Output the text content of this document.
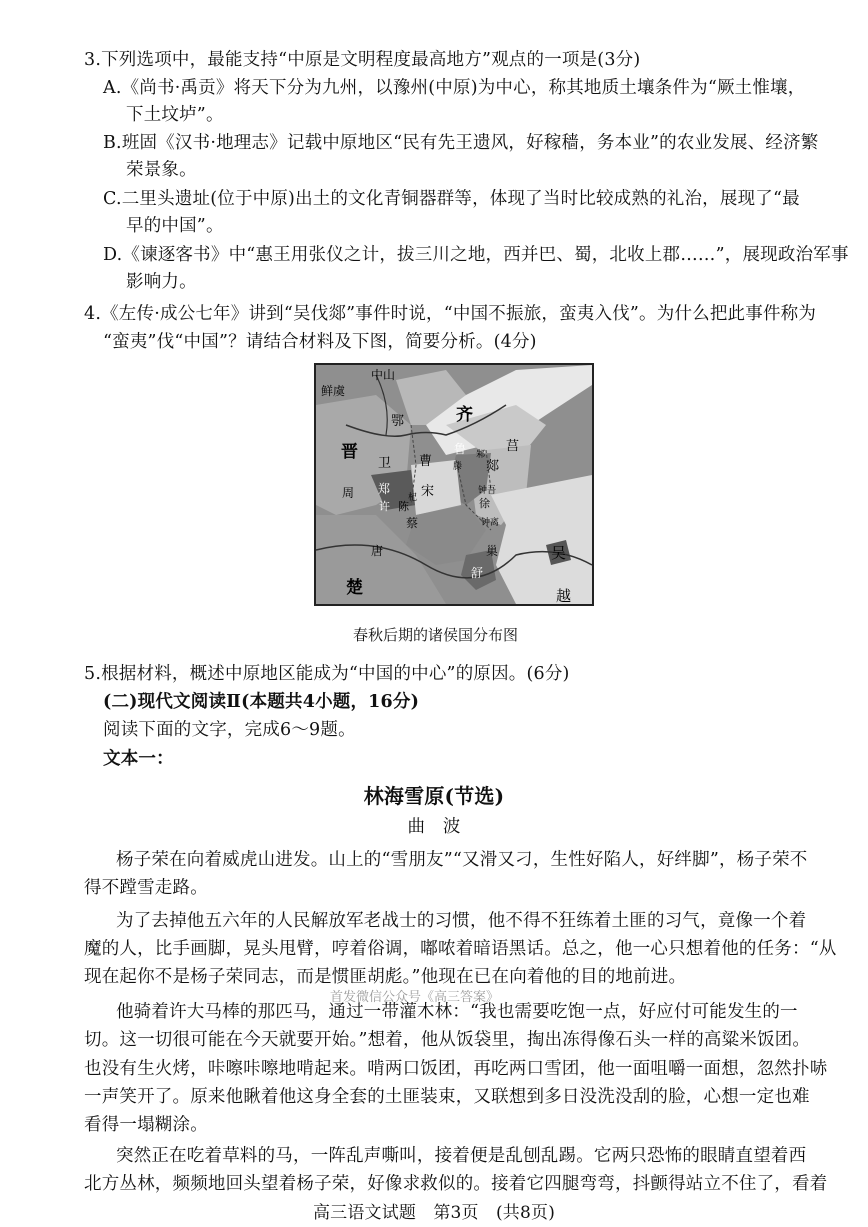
3.下列选项中，最能支持“中原是文明程度最高地方”观点的一项是(3分)
A.《尚书·禹贡》将天下分为九州，以豫州(中原)为中心，称其地质土壤条件为“厥土惟壤，
下土坟垆”。
B.班固《汉书·地理志》记载中原地区“民有先王遗风，好稼穑，务本业”的农业发展、经济繁
荣景象。
C.二里头遗址(位于中原)出土的文化青铜器群等，体现了当时比较成熟的礼治，展现了“最
早的中国”。
D.《谏逐客书》中“惠王用张仪之计，拔三川之地，西并巴、蜀，北收上郡……”，展现政治军事
影响力。
4.《左传·成公七年》讲到“吴伐郯”事件时说，“中国不振旅，蛮夷入伐”。为什么把此事件称为
“蛮夷”伐“中国”？请结合材料及下图，简要分析。(4分)
鲜虞
中山
晋
齐
鄂
莒
卫 曹
鲁 邾
滕 郯
郑 宋
周
许 陈
杞
钟吾
徐
蔡	钟离
唐	巢
舒
吴
楚	越
春秋后期的诸侯国分布图
5.根据材料，概述中原地区能成为“中国的中心”的原因。(6分)
(二)现代文阅读Ⅱ(本题共4小题，16分)
阅读下面的文字，完成6～9题。
文本一：
林海雪原(节选)
曲　波
杨子荣在向着威虎山进发。山上的“雪朋友”“又滑又刁，生性好陷人，好绊脚”，杨子荣不
得不蹚雪走路。
为了去掉他五六年的人民解放军老战士的习惯，他不得不狂练着土匪的习气，竟像一个着
魔的人，比手画脚，晃头甩臂，哼着俗调，嘟哝着暗语黑话。总之，他一心只想着他的任务：“从
现在起你不是杨子荣同志，而是惯匪胡彪。”他现在已在向着他的目的地前进。
首发微信公众号《高三答案》
他骑着许大马棒的那匹马，通过一带灌木林：“我也需要吃饱一点，好应付可能发生的一
切。这一切很可能在今天就要开始。”想着，他从饭袋里，掏出冻得像石头一样的高粱米饭团。
也没有生火烤，咔嚓咔嚓地啃起来。啃两口饭团，再吃两口雪团，他一面咀嚼一面想，忽然扑哧
一声笑开了。原来他瞅着他这身全套的土匪装束，又联想到多日没洗没刮的脸，心想一定也难
看得一塌糊涂。
突然正在吃着草料的马，一阵乱声嘶叫，接着便是乱刨乱踢。它两只恐怖的眼睛直望着西
北方丛林，频频地回头望着杨子荣，好像求救似的。接着它四腿弯弯，抖颤得站立不住了，看着
高三语文试题　第3页　(共8页)
